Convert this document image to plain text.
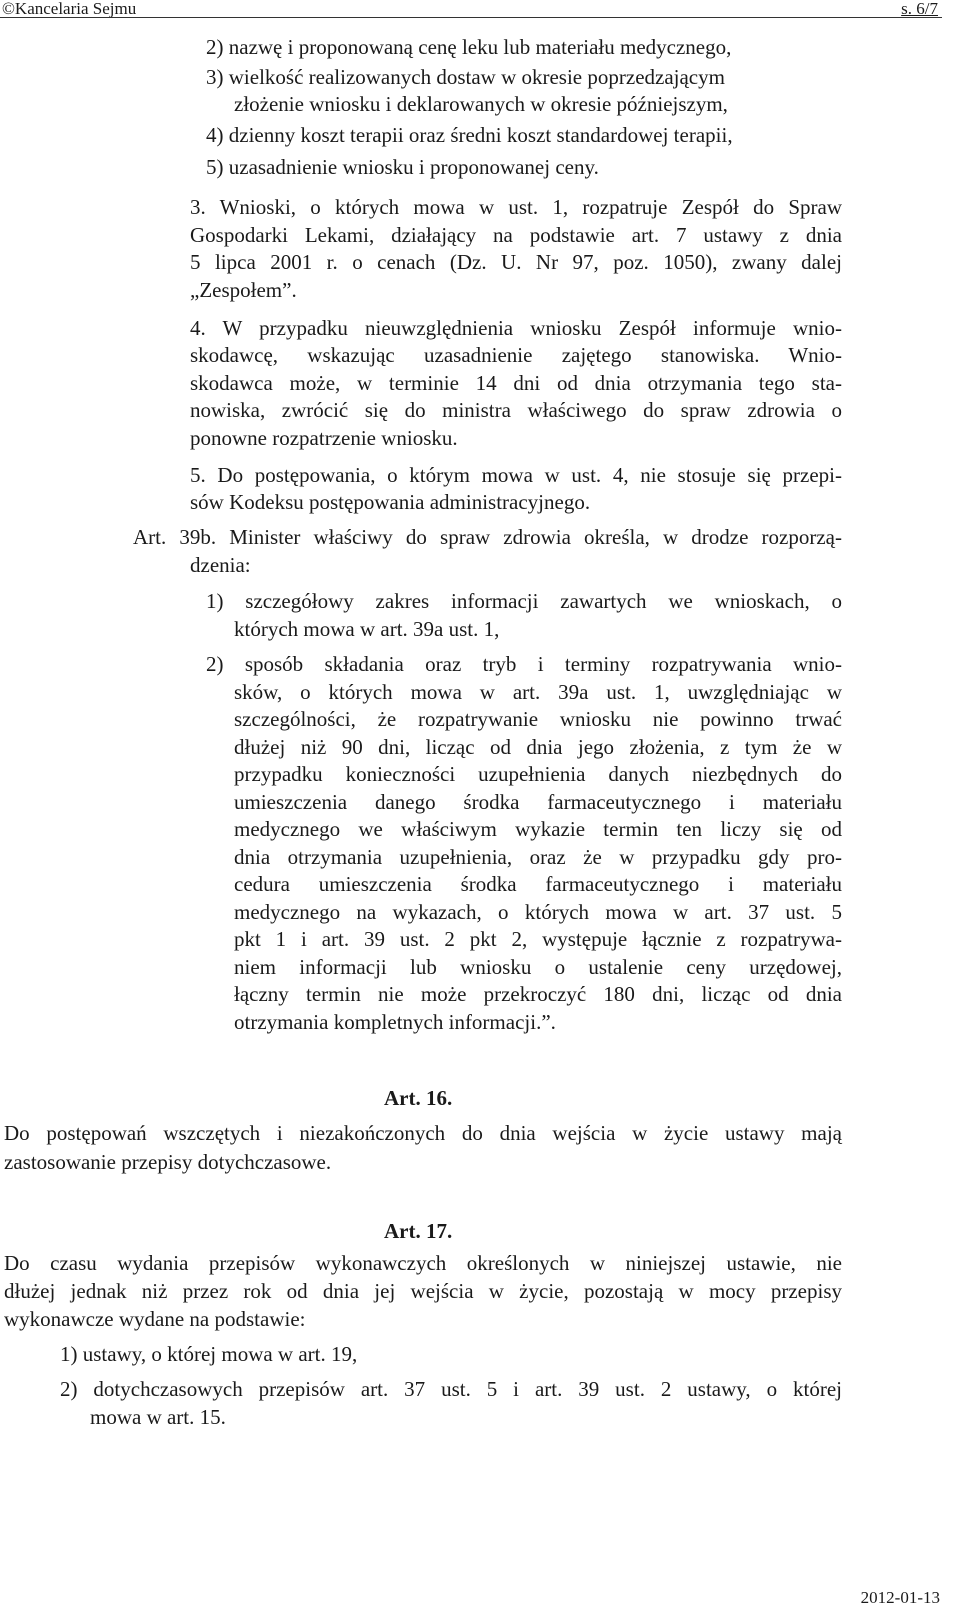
©Kancelaria Sejmu	s. 6/7
2) nazwę i proponowaną cenę leku lub materiału medycznego,
3) wielkość realizowanych dostaw w okresie poprzedzającym
złożenie wniosku i deklarowanych w okresie późniejszym,
4) dzienny koszt terapii oraz średni koszt standardowej terapii,
5) uzasadnienie wniosku i proponowanej ceny.
3. Wnioski, o których mowa w ust. 1, rozpatruje Zespół do Spraw
Gospodarki Lekami, działający na podstawie art. 7 ustawy z dnia
5 lipca 2001 r. o cenach (Dz. U. Nr 97, poz. 1050), zwany dalej
„Zespołem”.
4. W przypadku nieuwzględnienia wniosku Zespół informuje wnio-
skodawcę, wskazując uzasadnienie zajętego stanowiska. Wnio-
skodawca może, w terminie 14 dni od dnia otrzymania tego sta-
nowiska, zwrócić się do ministra właściwego do spraw zdrowia o
ponowne rozpatrzenie wniosku.
5. Do postępowania, o którym mowa w ust. 4, nie stosuje się przepi-
sów Kodeksu postępowania administracyjnego.
Art. 39b. Minister właściwy do spraw zdrowia określa, w drodze rozporzą-
dzenia:
1) szczegółowy zakres informacji zawartych we wnioskach, o
których mowa w art. 39a ust. 1,
2) sposób składania oraz tryb i terminy rozpatrywania wnio-
sków, o których mowa w art. 39a ust. 1, uwzględniając w
szczególności, że rozpatrywanie wniosku nie powinno trwać
dłużej niż 90 dni, licząc od dnia jego złożenia, z tym że w
przypadku konieczności uzupełnienia danych niezbędnych do
umieszczenia danego środka farmaceutycznego i materiału
medycznego we właściwym wykazie termin ten liczy się od
dnia otrzymania uzupełnienia, oraz że w przypadku gdy pro-
cedura umieszczenia środka farmaceutycznego i materiału
medycznego na wykazach, o których mowa w art. 37 ust. 5
pkt 1 i art. 39 ust. 2 pkt 2, występuje łącznie z rozpatrywa-
niem informacji lub wniosku o ustalenie ceny urzędowej,
łączny termin nie może przekroczyć 180 dni, licząc od dnia
otrzymania kompletnych informacji.”.
Art. 16.
Do postępowań wszczętych i niezakończonych do dnia wejścia w życie ustawy mają
zastosowanie przepisy dotychczasowe.
Art. 17.
Do czasu wydania przepisów wykonawczych określonych w niniejszej ustawie, nie
dłużej jednak niż przez rok od dnia jej wejścia w życie, pozostają w mocy przepisy
wykonawcze wydane na podstawie:
1) ustawy, o której mowa w art. 19,
2) dotychczasowych przepisów art. 37 ust. 5 i art. 39 ust. 2 ustawy, o której
mowa w art. 15.
2012-01-13
